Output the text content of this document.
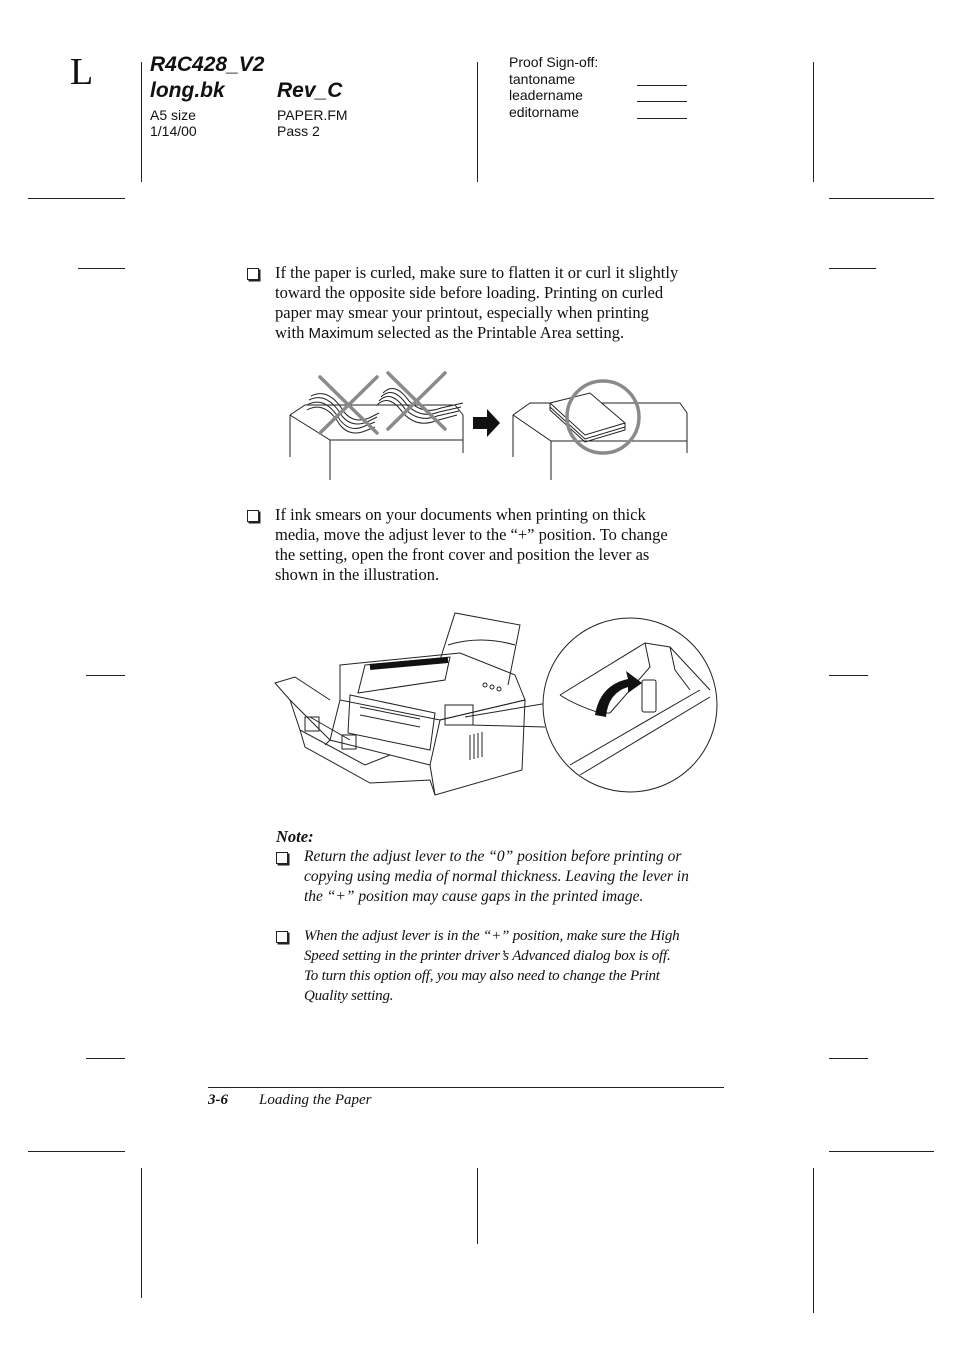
L	R4C428_V2
long.bk Rev_C
A5 size
1/14/00
PAPER.FM
Pass 2
Proof Sign-off:
tantoname
leadername
editorname
If the paper is curled, make sure to flatten it or curl it slightly
toward the opposite side before loading. Printing on curled
paper may smear your printout, especially when printing
with Maximum selected as the Printable Area setting.
If ink smears on your documents when printing on thick
media, move the adjust lever to the “+” position. To change
the setting, open the front cover and position the lever as
shown in the illustration.
Note:
Return the adjust lever to the “0” position before printing or
copying using media of normal thickness. Leaving the lever in
the “+” position may cause gaps in the printed image.
When the adjust lever is in the “+” position, make sure the High
Speed setting in the printer driver’s Advanced dialog box is off.
To turn this option off, you may also need to change the Print
Quality setting.
3-6 Loading the Paper
